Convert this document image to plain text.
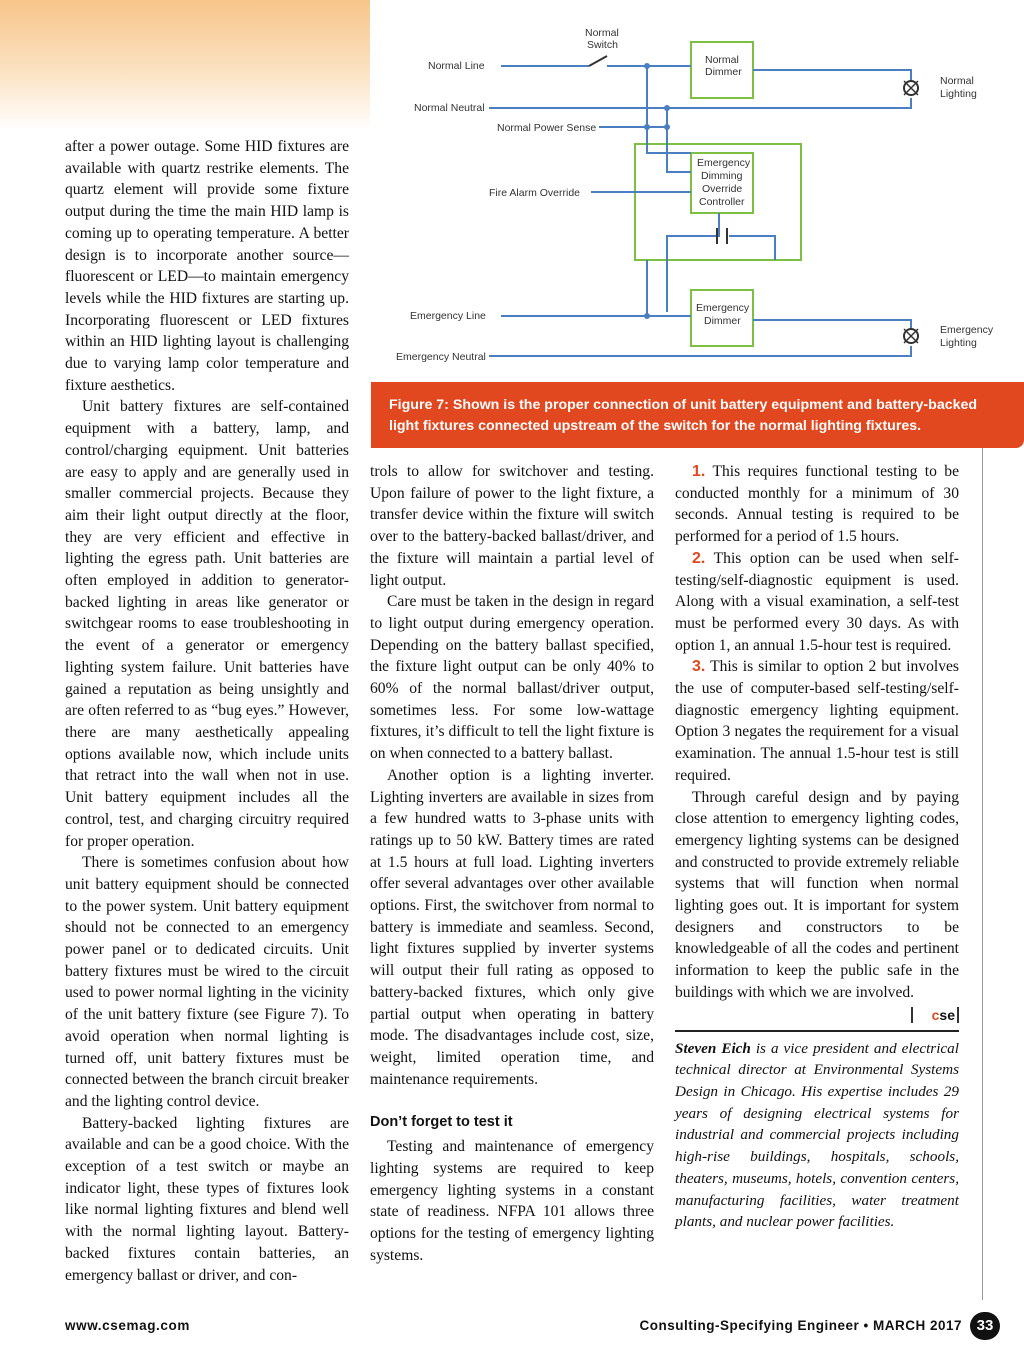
after a power outage. Some HID fixtures are available with quartz restrike elements. The quartz element will provide some fixture output during the time the main HID lamp is coming up to operating temperature. A better design is to incorporate another source—fluorescent or LED—to maintain emergency levels while the HID fixtures are starting up. Incorporating fluorescent or LED fixtures within an HID lighting layout is challenging due to varying lamp color temperature and fixture aesthetics.

Unit battery fixtures are self-contained equipment with a battery, lamp, and control/charging equipment. Unit batteries are easy to apply and are generally used in smaller commercial projects. Because they aim their light output directly at the floor, they are very efficient and effective in lighting the egress path. Unit batteries are often employed in addition to generator-backed lighting in areas like generator or switchgear rooms to ease troubleshooting in the event of a generator or emergency lighting system failure. Unit batteries have gained a reputation as being unsightly and are often referred to as “bug eyes.” However, there are many aesthetically appealing options available now, which include units that retract into the wall when not in use. Unit battery equipment includes all the control, test, and charging circuitry required for proper operation.

There is sometimes confusion about how unit battery equipment should be connected to the power system. Unit battery equipment should not be connected to an emergency power panel or to dedicated circuits. Unit battery fixtures must be wired to the circuit used to power normal lighting in the vicinity of the unit battery fixture (see Figure 7). To avoid operation when normal lighting is turned off, unit battery fixtures must be connected between the branch circuit breaker and the lighting control device.

Battery-backed lighting fixtures are available and can be a good choice. With the exception of a test switch or maybe an indicator light, these types of fixtures look like normal lighting fixtures and blend well with the normal lighting layout. Battery-backed fixtures contain batteries, an emergency ballast or driver, and con-

Normal
Switch
Normal Line
Normal Neutral
Normal Power Sense
Fire Alarm Override
Emergency Line
Emergency Neutral
Normal
Dimmer
Emergency
Dimming
Override
Controller
Emergency
Dimmer
Normal
Lighting
Emergency
Lighting
Figure 7: Shown is the proper connection of unit battery equipment and battery-backed light fixtures connected upstream of the switch for the normal lighting fixtures.

trols to allow for switchover and testing. Upon failure of power to the light fixture, a transfer device within the fixture will switch over to the battery-backed ballast/driver, and the fixture will maintain a partial level of light output.

Care must be taken in the design in regard to light output during emergency operation. Depending on the battery ballast specified, the fixture light output can be only 40% to 60% of the normal ballast/driver output, sometimes less. For some low-wattage fixtures, it’s difficult to tell the light fixture is on when connected to a battery ballast.

Another option is a lighting inverter. Lighting inverters are available in sizes from a few hundred watts to 3-phase units with ratings up to 50 kW. Battery times are rated at 1.5 hours at full load. Lighting inverters offer several advantages over other available options. First, the switchover from normal to battery is immediate and seamless. Second, light fixtures supplied by inverter systems will output their full rating as opposed to battery-backed fixtures, which only give partial output when operating in battery mode. The disadvantages include cost, size, weight, limited operation time, and maintenance requirements.

Don’t forget to test it

Testing and maintenance of emergency lighting systems are required to keep emergency lighting systems in a constant state of readiness. NFPA 101 allows three options for the testing of emergency lighting systems.

1. This requires functional testing to be conducted monthly for a minimum of 30 seconds. Annual testing is required to be performed for a period of 1.5 hours.

2. This option can be used when self-testing/self-diagnostic equipment is used. Along with a visual examination, a self-test must be performed every 30 days. As with option 1, an annual 1.5-hour test is required.

3. This is similar to option 2 but involves the use of computer-based self-testing/self-diagnostic emergency lighting equipment. Option 3 negates the requirement for a visual examination. The annual 1.5-hour test is still required.

Through careful design and by paying close attention to emergency lighting codes, emergency lighting systems can be designed and constructed to provide extremely reliable systems that will function when normal lighting goes out. It is important for system designers and constructors to be knowledgeable of all the codes and pertinent information to keep the public safe in the buildings with which we are involved.
cse

Steven Eich is a vice president and electrical technical director at Environmental Systems Design in Chicago. His expertise includes 29 years of designing electrical systems for industrial and commercial projects including high-rise buildings, hospitals, schools, theaters, museums, hotels, convention centers, manufacturing facilities, water treatment plants, and nuclear power facilities.

www.csemag.com	Consulting-Specifying Engineer • MARCH 2017 33
